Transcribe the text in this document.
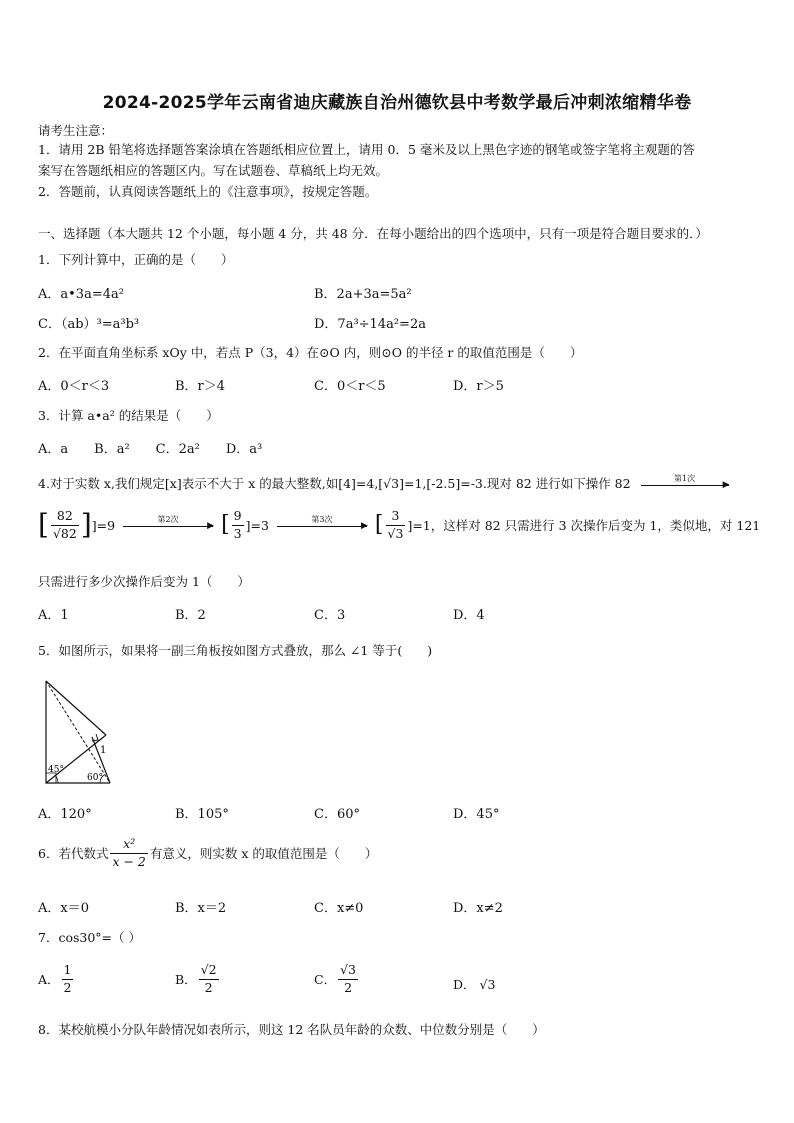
2024-2025学年云南省迪庆藏族自治州德钦县中考数学最后冲刺浓缩精华卷
请考生注意：
1．请用 2B 铅笔将选择题答案涂填在答题纸相应位置上，请用 0．5 毫米及以上黑色字迹的钢笔或签字笔将主观题的答
案写在答题纸相应的答题区内。写在试题卷、草稿纸上均无效。
2．答题前，认真阅读答题纸上的《注意事项》，按规定答题。
一、选择题（本大题共 12 个小题，每小题 4 分，共 48 分．在每小题给出的四个选项中，只有一项是符合题目要求的．）
1．下列计算中，正确的是（　　）
A．a•3a=4a²	B．2a+3a=5a²
C．（ab）³=a³b³	D．7a³÷14a²=2a
2．在平面直角坐标系 xOy 中，若点 P（3，4）在⊙O 内，则⊙O 的半径 r 的取值范围是（　　）
A．0＜r＜3	B．r＞4	C．0＜r＜5	D．r＞5
3．计算 a•a² 的结果是（　　）
A．a　　B．a²　　C．2a²　　D．a³
4.对于实数 x,我们规定[x]表示不大于 x 的最大整数,如[4]=4,[√3]=1,[-2.5]=-3.现对 82 进行如下操作 82	第1次
▶
[ $\frac{82}{√82}$ ] ]=9	第2次
▶ [ $\frac{9}{3} ]=3$	第3次
▶ [ $\frac{3}{√3} ]=1$，这样对 82 只需进行 3 次操作后变为 1，类似地，对 121
只需进行多少次操作后变为 1（　　）
A．1	B．2	C．3	D．4
5．如图所示，如果将一副三角板按如图方式叠放，那么 ∠1 等于(　　)
1
45°
60°
A．120°	B．105°	C．60°	D．45°
6．若代数式 $\frac{\text{x²}}{x - 2}$ 有意义，则实数 x 的取值范围是（　　）
A．x＝0	B．x＝2	C．x≠0	D．x≠2
7．cos30°=（ ）
A． $\frac{1}{2}$	B． $\frac{√2}{2}$	C． $\frac{√3}{2}$	D． √3
8．某校航模小分队年龄情况如表所示，则这 12 名队员年龄的众数、中位数分别是（　　）
